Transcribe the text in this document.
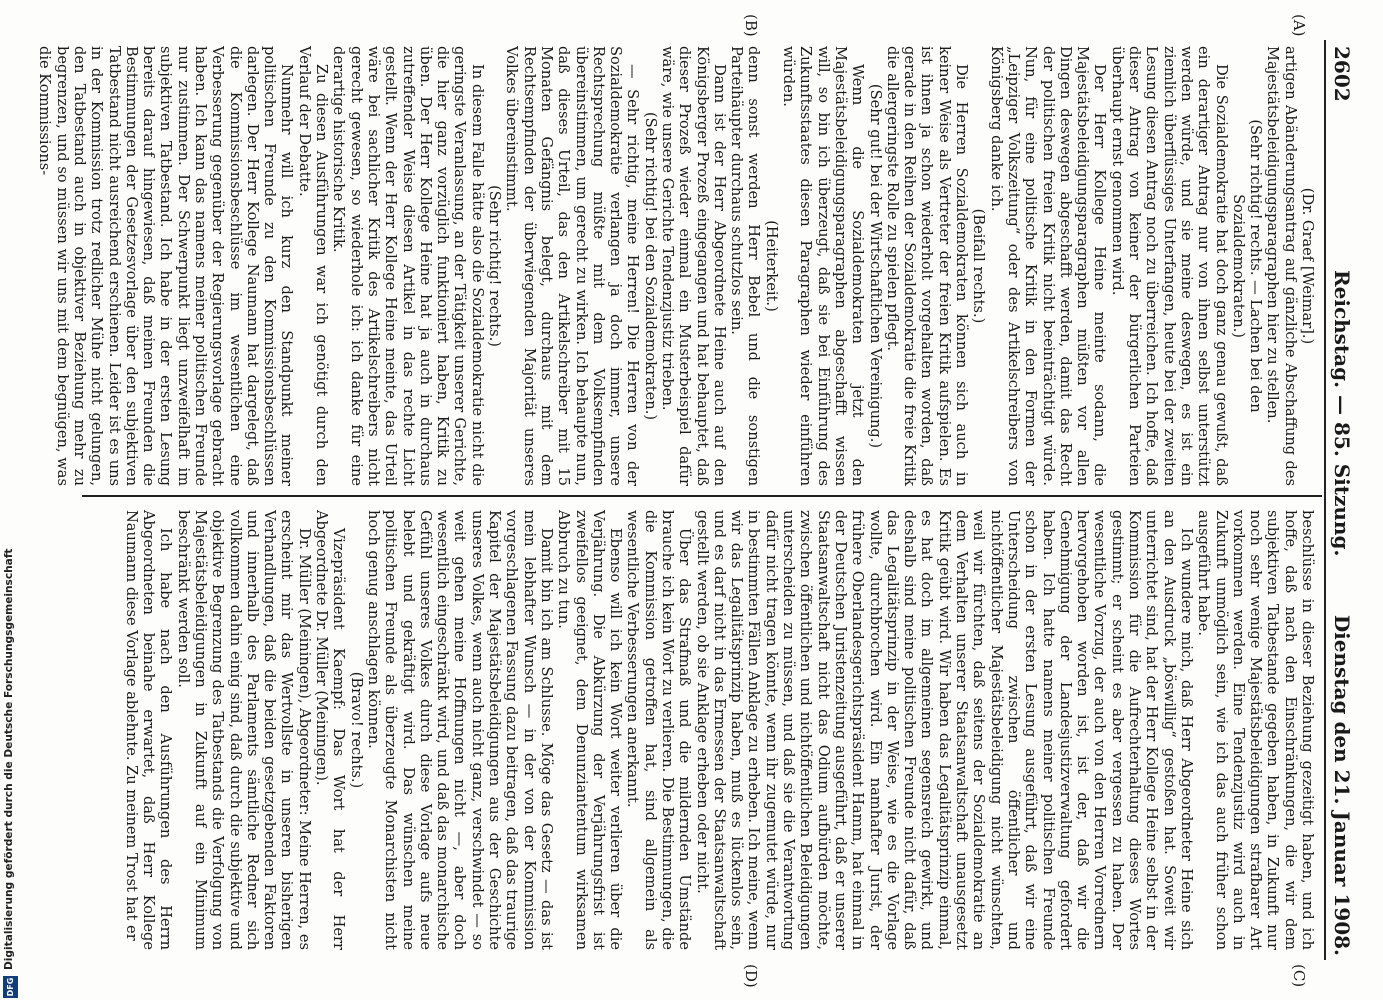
2602
Reichstag. — 85. Sitzung.
Dienstag den 21. Januar 1908.
(A)
(B)
(C)
(D)

(Dr. Graef [Weimar].)

artigen Abänderungsantrag auf gänzliche Abschaffung des Majestätsbeleidigungsparagraphen hier zu stellen.

(Sehr richtig! rechts. — Lachen bei den Sozialdemokraten.)

Die Sozialdemokratie hat doch ganz genau gewußt, daß ein derartiger Antrag nur von ihnen selbst unterstützt werden würde, und sie meine deswegen, es ist ein ziemlich überflüssiges Unterfangen, heute bei der zweiten Lesung diesen Antrag noch zu überreichen. Ich hoffe, daß dieser Antrag von keiner der bürgerlichen Parteien überhaupt ernst genommen wird.

Der Herr Kollege Heine meinte sodann, die Majestätsbeleidigungsparagraphen müßten vor allen Dingen deswegen abgeschafft werden, damit das Recht der politischen freien Kritik nicht beeinträchtigt würde. Nun, für eine politische Kritik in den Formen der „Leipziger Volkszeitung“ oder des Artikelschreibers von Königsberg danke ich.

(Beifall rechts.)

Die Herren Sozialdemokraten können sich auch in keiner Weise als Vertreter der freien Kritik aufspielen. Es ist ihnen ja schon wiederholt vorgehalten worden, daß gerade in den Reihen der Sozialdemokratie die freie Kritik die allergeringste Rolle zu spielen pflegt.

(Sehr gut! bei der Wirtschaftlichen Vereinigung.)

Wenn die Sozialdemokraten jetzt den Majestätsbeleidigungsparagraphen abgeschafft wissen will, so bin ich überzeugt, daß sie bei Einführung des Zukunftsstaates diesen Paragraphen wieder einführen würden.

(Heiterkeit.)

denn sonst werden Herr Bebel und die sonstigen Parteihäupter durchaus schutzlos sein.

Dann ist der Herr Abgeordnete Heine auch auf den Königsberger Prozeß eingegangen und hat behauptet, daß dieser Prozeß wieder einmal ein Musterbeispiel dafür wäre, wie unsere Gerichte Tendenzjustiz trieben.

(Sehr richtig! bei den Sozialdemokraten.)

— Sehr richtig, meine Herren! Die Herren von der Sozialdemokratie verlangen ja doch immer, unsere Rechtsprechung müßte mit dem Volksempfinden übereinstimmen, um gerecht zu wirken. Ich behaupte nun, daß dieses Urteil, das den Artikelschreiber mit 15 Monaten Gefängnis belegt, durchaus mit dem Rechtsempfinden der überwiegenden Majorität unseres Volkes übereinstimmt.

(Sehr richtig! rechts.)

In diesem Falle hätte also die Sozialdemokratie nicht die geringste Veranlassung, an der Tätigkeit unserer Gerichte, die hier ganz vorzüglich funktioniert haben, Kritik zu üben. Der Herr Kollege Heine hat ja auch in durchaus zutreffender Weise diesen Artikel in das rechte Licht gestellt. Wenn der Herr Kollege Heine meinte, das Urteil wäre bei sachlicher Kritik des Artikelschreibers nicht gerecht gewesen, so wiederhole ich: ich danke für eine derartige historische Kritik.

Zu diesen Ausführungen war ich genötigt durch den Verlauf der Debatte.

Nunmehr will ich kurz den Standpunkt meiner politischen Freunde zu den Kommissionsbeschlüssen darlegen. Der Herr Kollege Naumann hat dargelegt, daß die Kommissionsbeschlüsse im wesentlichen eine Verbesserung gegenüber der Regierungsvorlage gebracht haben. Ich kann das namens meiner politischen Freunde nur zustimmen. Der Schwerpunkt liegt unzweifelhaft im subjektiven Tatbestand. Ich habe in der ersten Lesung bereits darauf hingewiesen, daß meinen Freunden die Bestimmungen der Gesetzesvorlage über den subjektiven Tatbestand nicht ausreichend erschienen. Leider ist es uns in der Kommission trotz redlicher Mühe nicht gelungen, den Tatbestand auch in objektiver Beziehung mehr zu begrenzen, und so müssen wir uns mit dem begnügen, was die Kommissions-

beschlüsse in dieser Beziehung gezeitigt haben, und ich hoffe, daß nach den Einschränkungen, die wir dem subjektiven Tatbestande gegeben haben, in Zukunft nur noch sehr wenige Majestätsbeleidigungen strafbarer Art vorkommen werden. Eine Tendenzjustiz wird auch in Zukunft unmöglich sein, wie ich das auch früher schon ausgeführt habe.

Ich wundere mich, daß Herr Abgeordneter Heine sich an den Ausdruck „böswillig“ gestoßen hat. Soweit wir unterrichtet sind, hat der Herr Kollege Heine selbst in der Kommission für die Aufrechterhaltung dieses Wortes gestimmt; er scheint es aber vergessen zu haben. Der wesentliche Vorzug, der auch von den Herren Vorrednern hervorgehoben worden ist, ist der, daß wir die Genehmigung der Landesjustizverwaltung gefordert haben. Ich hatte namens meiner politischen Freunde schon in der ersten Lesung ausgeführt, daß wir eine Unterscheidung zwischen öffentlicher und nichtöffentlicher Majestätsbeleidigung nicht wünschten, weil wir fürchten, daß seitens der Sozialdemokratie an dem Verhalten unserer Staatsanwaltschaft unausgesetzt Kritik geübt wird. Wir haben das Legalitätsprinzip einmal, es hat doch im allgemeinen segensreich gewirkt, und deshalb sind meine politischen Freunde nicht dafür, daß das Legalitätsprinzip in der Weise, wie es die Vorlage wollte, durchbrochen wird. Ein namhafter Jurist, der frühere Oberlandesgerichtspräsident Hamm, hat einmal in der Deutschen Juristenzeitung ausgeführt, daß er unserer Staatsanwaltschaft nicht das Odium aufbürden möchte, zwischen öffentlichen und nichtöffentlichen Beleidigungen unterscheiden zu müssen, und daß sie die Verantwortung dafür nicht tragen könnte, wenn ihr zugemutet würde, nur in bestimmten Fällen Anklage zu erheben. Ich meine, wenn wir das Legalitätsprinzip haben, muß es lückenlos sein, und es darf nicht in das Ermessen der Staatsanwaltschaft gestellt werden, ob sie Anklage erheben oder nicht.

Über das Strafmaß und die mildernden Umstände brauche ich kein Wort zu verlieren. Die Bestimmungen, die die Kommission getroffen hat, sind allgemein als wesentliche Verbesserungen anerkannt.

Ebenso will ich kein Wort weiter verlieren über die Verjährung. Die Abkürzung der Verjährungsfrist ist zweifellos geeignet, dem Denunziantentum wirksamen Abbruch zu tun.

Damit bin ich am Schlusse. Möge das Gesetz — das ist mein lebhafter Wunsch — in der von der Kommission vorgeschlagenen Fassung dazu beitragen, daß das traurige Kapitel der Majestätsbeleidigungen aus der Geschichte unseres Volkes, wenn auch nicht ganz, verschwindet — so weit gehen meine Hoffnungen nicht —, aber doch wesentlich eingeschränkt wird, und daß das monarchische Gefühl unseres Volkes durch diese Vorlage aufs neue belebt und gekräftigt wird. Das wünschen meine politischen Freunde als überzeugte Monarchisten nicht hoch genug anschlagen können.

(Bravo! rechts.)

Vizepräsident Kaempf: Das Wort hat der Herr Abgeordnete Dr. Müller (Meiningen).

Dr. Müller (Meiningen), Abgeordneter: Meine Herren, es erscheint mir das Wertvollste in unseren bisherigen Verhandlungen, daß die beiden gesetzgebenden Faktoren und innerhalb des Parlaments sämtliche Redner sich vollkommen dahin einig sind, daß durch die subjektive und objektive Begrenzung des Tatbestands die Verfolgung von Majestätsbeleidigungen in Zukunft auf ein Minimum beschränkt werden soll.

Ich habe nach den Ausführungen des Herrn Abgeordneten beinahe erwartet, daß Herr Kollege Naumann diese Vorlage ablehnte. Zu meinem Trost hat er

DFG
Digitalisierung gefördert durch die Deutsche Forschungsgemeinschaft
